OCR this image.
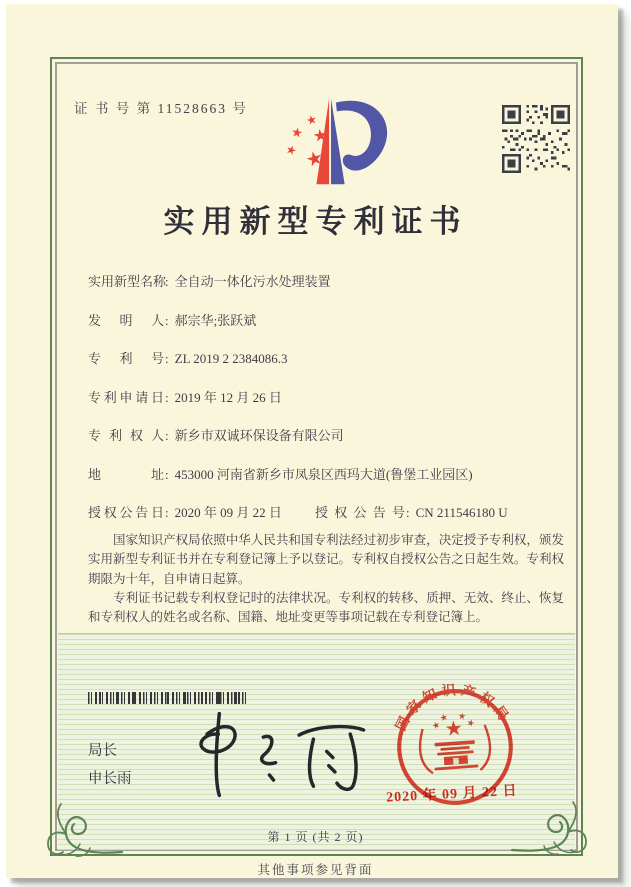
证 书 号 第 11528663 号
实用新型专利证书
实用新型名称: 全自动一体化污水处理装置
发明人: 郝宗华;张跃斌
专利号: ZL 2019 2 2384086.3
专利申请日: 2019 年 12 月 26 日
专利权人: 新乡市双诚环保设备有限公司
地址: 453000 河南省新乡市凤泉区西玛大道(鲁堡工业园区)
授权公告日: 2020 年 09 月 22 日	授权公告号: CN 211546180 U

国家知识产权局依照中华人民共和国专利法经过初步审查，决定授予专利权，颁发实用新型专利证书并在专利登记簿上予以登记。专利权自授权公告之日起生效。专利权期限为十年，自申请日起算。

专利证书记载专利权登记时的法律状况。专利权的转移、质押、无效、终止、恢复和专利权人的姓名或名称、国籍、地址变更等事项记载在专利登记簿上。

局长
申长雨
国家知识产权局
2020 年 09 月 22 日
第 1 页 (共 2 页)
其他事项参见背面
